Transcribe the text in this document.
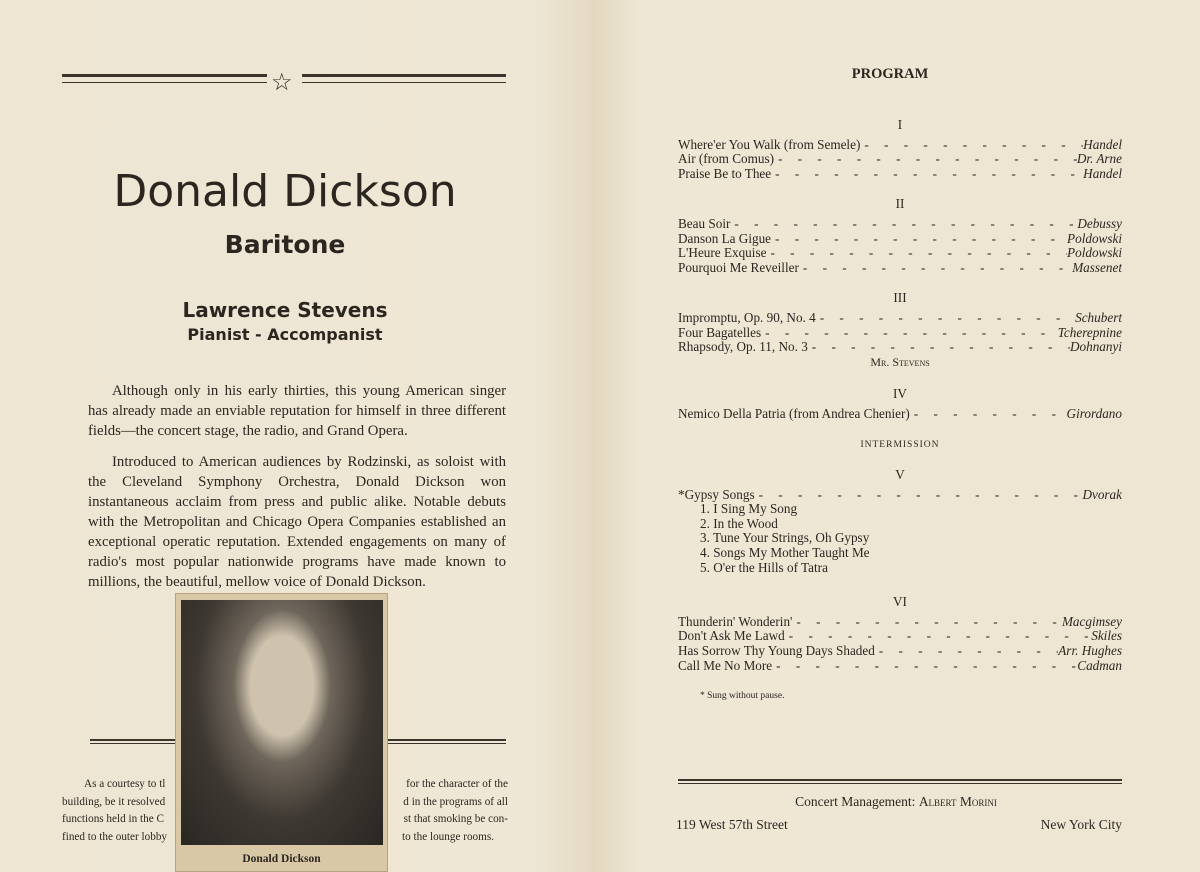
☆
Donald Dickson
Baritone
Lawrence Stevens
Pianist - Accompanist

Although only in his early thirties, this young American singer has already made an enviable reputation for himself in three different fields—the concert stage, the radio, and Grand Opera.

Introduced to American audiences by Rodzinski, as soloist with the Cleveland Symphony Orchestra, Donald Dickson won instantaneous acclaim from press and public alike. Notable debuts with the Metropolitan and Chicago Opera Companies established an exceptional operatic reputation. Extended engagements on many of radio's most popular nationwide programs have made known to millions, the beautiful, mellow voice of Donald Dickson.

As a courtesy to tl	for the character of the
building, be it resolved	d in the programs of all
functions held in the C	st that smoking be con-
fined to the outer lobby	to the lounge rooms.
Donald Dickson
PROGRAM
I
Where'er You Walk (from Semele) - - -	Handel
Air (from Comus) - - -	Dr. Arne
Praise Be to Thee - - -	Handel
II
Beau Soir - - -	Debussy
Danson La Gigue - - -	Poldowski
L'Heure Exquise - - -	Poldowski
Pourquoi Me Reveiller - - -	Massenet
III
Impromptu, Op. 90, No. 4 - - -	Schubert
Four Bagatelles - - -	Tcherepnine
Rhapsody, Op. 11, No. 3 - - -	Dohnanyi
Mr. Stevens
IV
Nemico Della Patria (from Andrea Chenier) - - -	Girordano
INTERMISSION
V
*Gypsy Songs - - -	Dvorak
1. I Sing My Song
2. In the Wood
3. Tune Your Strings, Oh Gypsy
4. Songs My Mother Taught Me
5. O'er the Hills of Tatra
VI
Thunderin' Wonderin' - - -	Macgimsey
Don't Ask Me Lawd - - -	Skiles
Has Sorrow Thy Young Days Shaded - - -	Arr. Hughes
Call Me No More - - -	Cadman
* Sung without pause.
Concert Management: Albert Morini
119 West 57th Street	New York City
